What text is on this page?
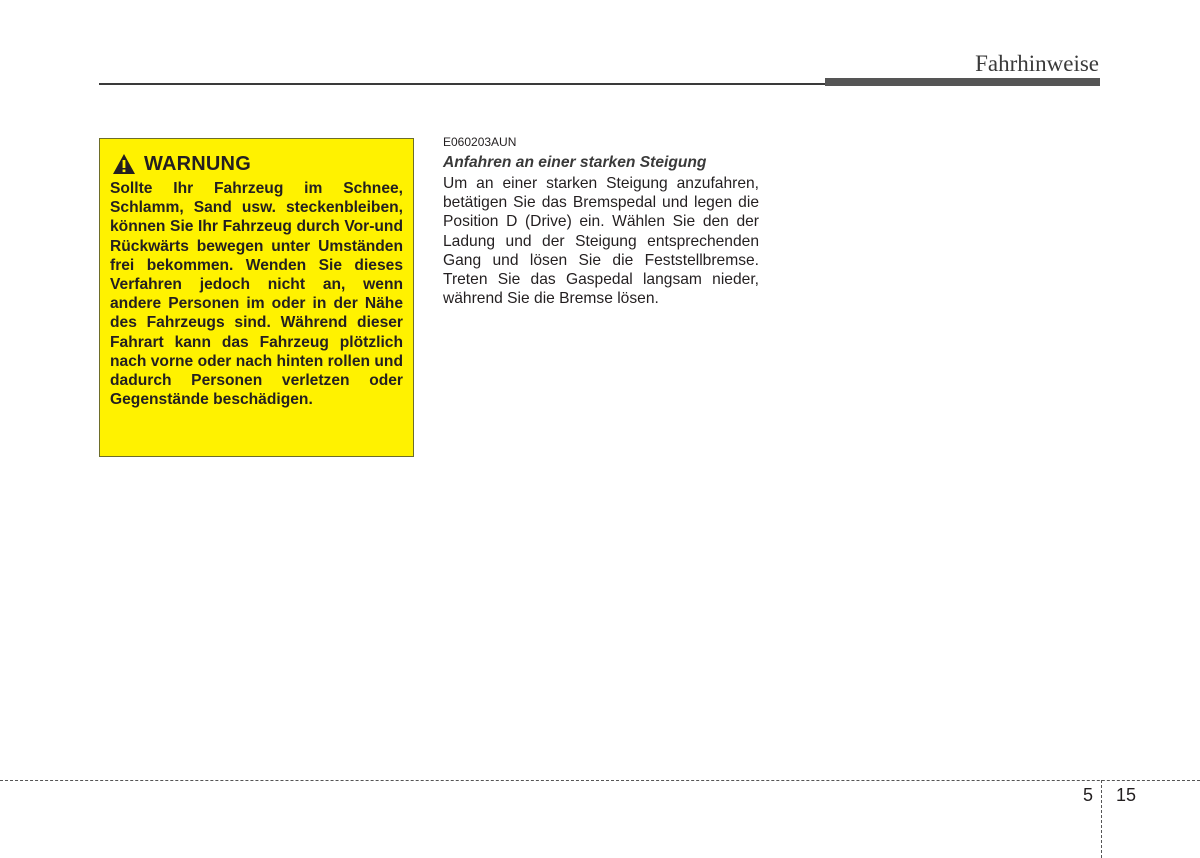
Fahrhinweise
WARNUNG
Sollte Ihr Fahrzeug im Schnee, Schlamm, Sand usw. steckenbleiben, können Sie Ihr Fahrzeug durch Vor-und Rückwärts bewegen unter Umständen frei bekommen. Wenden Sie dieses Verfahren jedoch nicht an, wenn andere Personen im oder in der Nähe des Fahrzeugs sind. Während dieser Fahrart kann das Fahrzeug plötzlich nach vorne oder nach hinten rollen und dadurch Personen verletzen oder Gegenstände beschädigen.
E060203AUN
Anfahren an einer starken Steigung
Um an einer starken Steigung anzufahren, betätigen Sie das Bremspedal und legen die Position D (Drive) ein. Wählen Sie den der Ladung und der Steigung entsprechenden Gang und lösen Sie die Feststellbremse. Treten Sie das Gaspedal langsam nieder, während Sie die Bremse lösen.
5 15
